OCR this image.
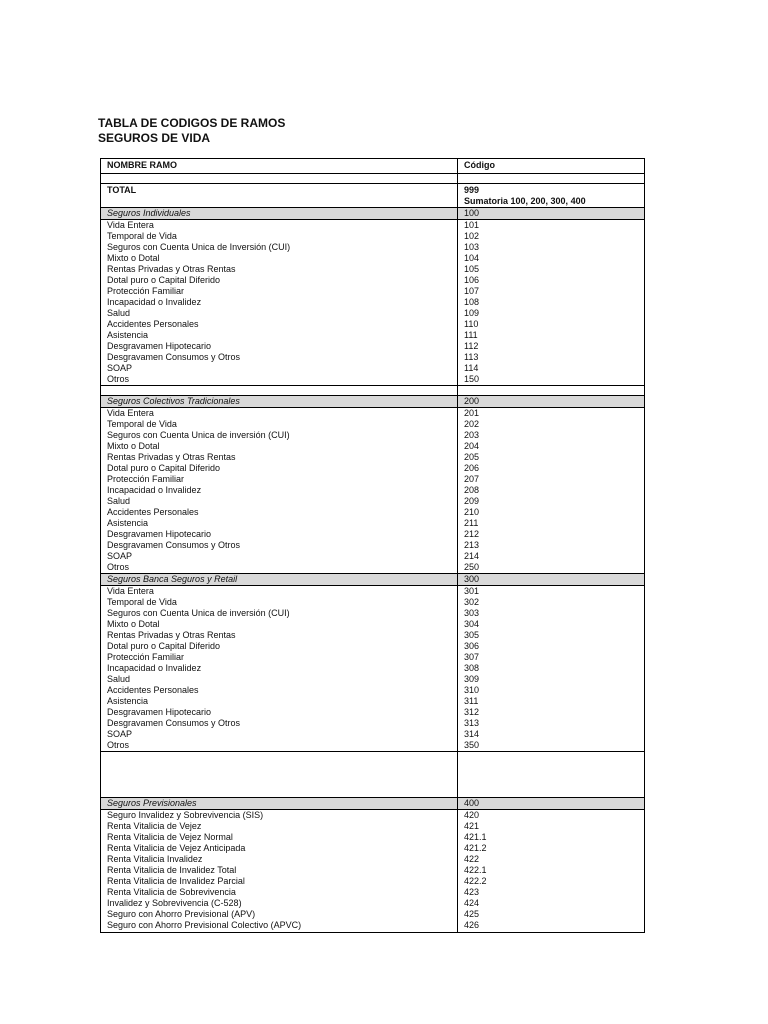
TABLA DE CODIGOS DE RAMOS
SEGUROS DE VIDA
NOMBRE RAMO	Código

TOTAL	999
	Sumatoria 100, 200, 300, 400
Seguros Individuales	100
Vida Entera	101
Temporal de Vida	102
Seguros con Cuenta Unica de Inversión (CUI)	103
Mixto o Dotal	104
Rentas Privadas y Otras Rentas	105
Dotal puro o Capital Diferido	106
Protección Familiar	107
Incapacidad o Invalidez	108
Salud	109
Accidentes Personales	110
Asistencia	111
Desgravamen Hipotecario	112
Desgravamen Consumos y Otros	113
SOAP	114
Otros	150

Seguros Colectivos Tradicionales	200
Vida Entera	201
Temporal de Vida	202
Seguros con Cuenta Unica de inversión (CUI)	203
Mixto o Dotal	204
Rentas Privadas y Otras Rentas	205
Dotal puro o Capital Diferido	206
Protección Familiar	207
Incapacidad o Invalidez	208
Salud	209
Accidentes Personales	210
Asistencia	211
Desgravamen Hipotecario	212
Desgravamen Consumos y Otros	213
SOAP	214
Otros	250
Seguros Banca Seguros y Retail	300
Vida Entera	301
Temporal de Vida	302
Seguros con Cuenta Unica de inversión (CUI)	303
Mixto o Dotal	304
Rentas Privadas y Otras Rentas	305
Dotal puro o Capital Diferido	306
Protección Familiar	307
Incapacidad o Invalidez	308
Salud	309
Accidentes Personales	310
Asistencia	311
Desgravamen Hipotecario	312
Desgravamen Consumos y Otros	313
SOAP	314
Otros	350

Seguros Previsionales	400
Seguro Invalidez y Sobrevivencia (SIS)	420
Renta Vitalicia de Vejez	421
Renta Vitalicia de Vejez Normal	421.1
Renta Vitalicia de Vejez Anticipada	421.2
Renta Vitalicia Invalidez	422
Renta Vitalicia de Invalidez Total	422.1
Renta Vitalicia de Invalidez Parcial	422.2
Renta Vitalicia de Sobrevivencia	423
Invalidez y Sobrevivencia (C-528)	424
Seguro con Ahorro Previsional (APV)	425
Seguro con Ahorro Previsional Colectivo (APVC)	426
